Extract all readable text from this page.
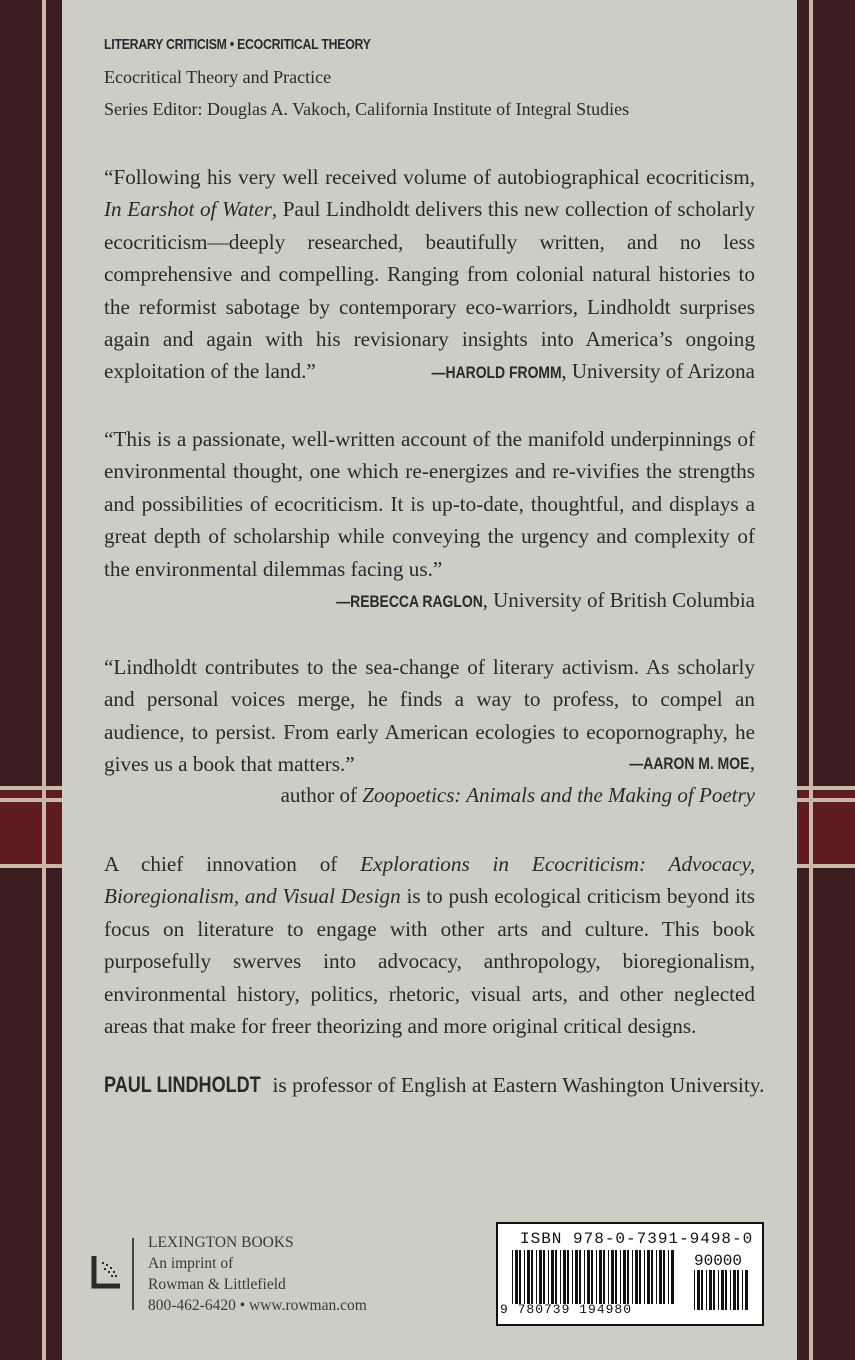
LITERARY CRITICISM • ECOCRITICAL THEORY
Ecocritical Theory and Practice
Series Editor: Douglas A. Vakoch, California Institute of Integral Studies

“Following his very well received volume of autobiographical ecocriticism, In Earshot of Water, Paul Lindholdt delivers this new collection of scholarly ecocriticism—deeply researched, beautifully written, and no less comprehensive and compelling. Ranging from colonial natural histories to the reformist sabotage by contemporary eco-warriors, Lindholdt surprises again and again with his revisionary insights into America’s ongoing exploitation of the land.”	—HAROLD FROMM, University of Arizona

“This is a passionate, well-written account of the manifold underpinnings of environmental thought, one which re-energizes and re-vivifies the strengths and possibilities of ecocriticism. It is up-to-date, thoughtful, and displays a great depth of scholarship while conveying the urgency and complexity of the environmental dilemmas facing us.”

—REBECCA RAGLON, University of British Columbia

“Lindholdt contributes to the sea-change of literary activism. As scholarly and personal voices merge, he finds a way to profess, to compel an audience, to persist. From early American ecologies to ecopornography, he gives us a book that matters.”	—AARON M. MOE,
author of Zoopoetics: Animals and the Making of Poetry

A chief innovation of Explorations in Ecocriticism: Advocacy, Bioregionalism, and Visual Design is to push ecological criticism beyond its focus on literature to engage with other arts and culture. This book purposefully swerves into advocacy, anthropology, bioregionalism, environmental history, politics, rhetoric, visual arts, and other neglected areas that make for freer theorizing and more original critical designs.

PAUL LINDHOLDT is professor of English at Eastern Washington University.
LEXINGTON BOOKS
An imprint of
Rowman & Littlefield
800-462-6420 • www.rowman.com
ISBN 978-0-7391-9498-0
90000
9 780739 194980
